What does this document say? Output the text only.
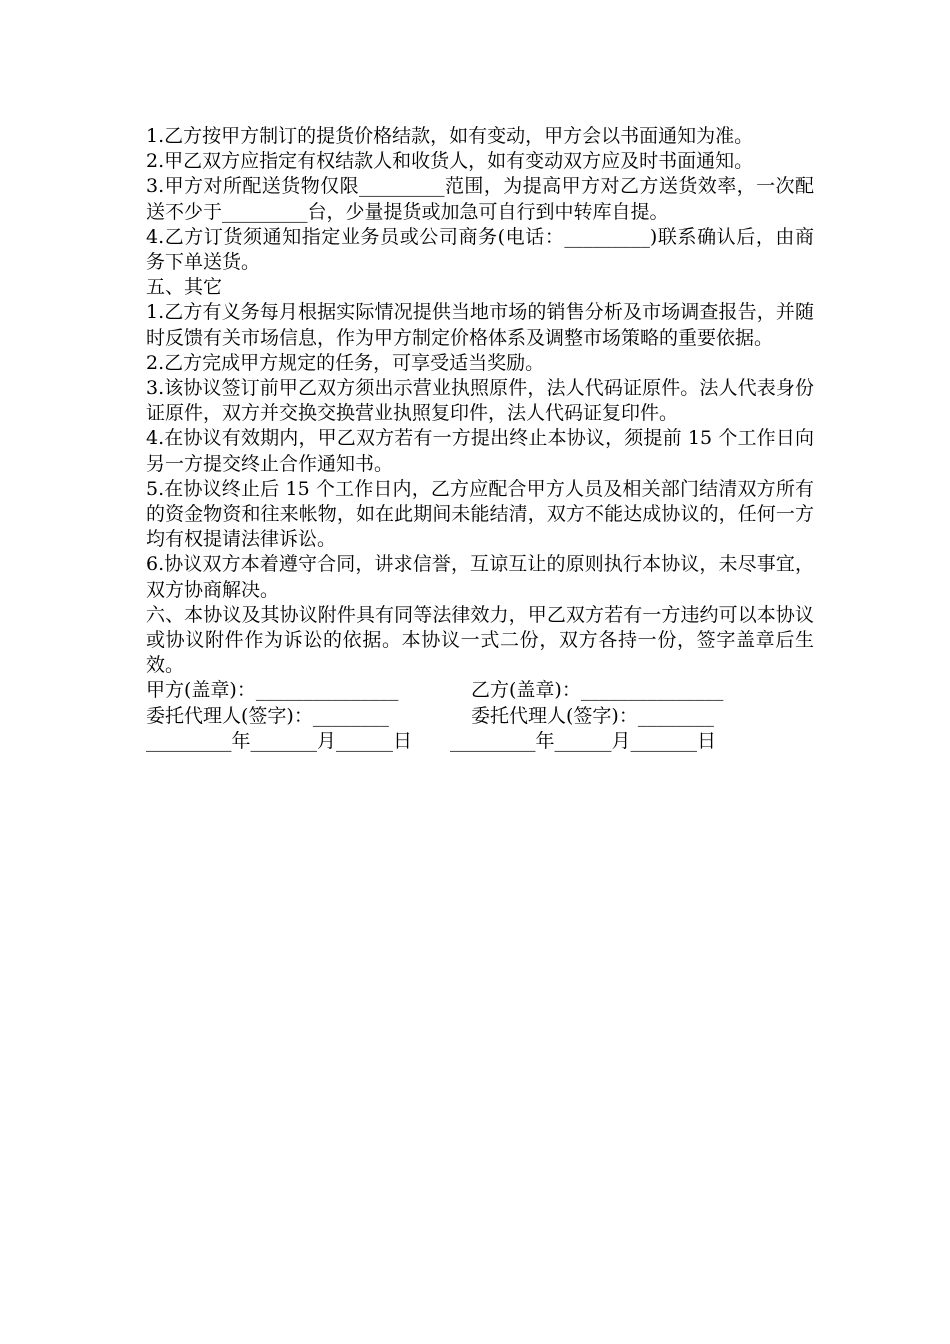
1.乙方按甲方制订的提货价格结款，如有变动，甲方会以书面通知为准。

2.甲乙双方应指定有权结款人和收货人，如有变动双方应及时书面通知。

3.甲方对所配送货物仅限_________范围，为提高甲方对乙方送货效率，一次配送不少于_________台，少量提货或加急可自行到中转库自提。

4.乙方订货须通知指定业务员或公司商务(电话：_________)联系确认后，由商务下单送货。

五、其它

1.乙方有义务每月根据实际情况提供当地市场的销售分析及市场调查报告，并随时反馈有关市场信息，作为甲方制定价格体系及调整市场策略的重要依据。

2.乙方完成甲方规定的任务，可享受适当奖励。

3.该协议签订前甲乙双方须出示营业执照原件，法人代码证原件。法人代表身份证原件，双方并交换交换营业执照复印件，法人代码证复印件。

4.在协议有效期内，甲乙双方若有一方提出终止本协议，须提前 15 个工作日向另一方提交终止合作通知书。

5.在协议终止后 15 个工作日内，乙方应配合甲方人员及相关部门结清双方所有的资金物资和往来帐物，如在此期间未能结清，双方不能达成协议的，任何一方均有权提请法律诉讼。

6.协议双方本着遵守合同，讲求信誉，互谅互让的原则执行本协议，未尽事宜，双方协商解决。

六、本协议及其协议附件具有同等法律效力，甲乙双方若有一方违约可以本协议或协议附件作为诉讼的依据。本协议一式二份，双方各持一份，签字盖章后生效。

甲方(盖章)：_______________	乙方(盖章)：_______________
委托代理人(签字)：________	委托代理人(签字)：________
_________年_______月______日　　_________年______月_______日
